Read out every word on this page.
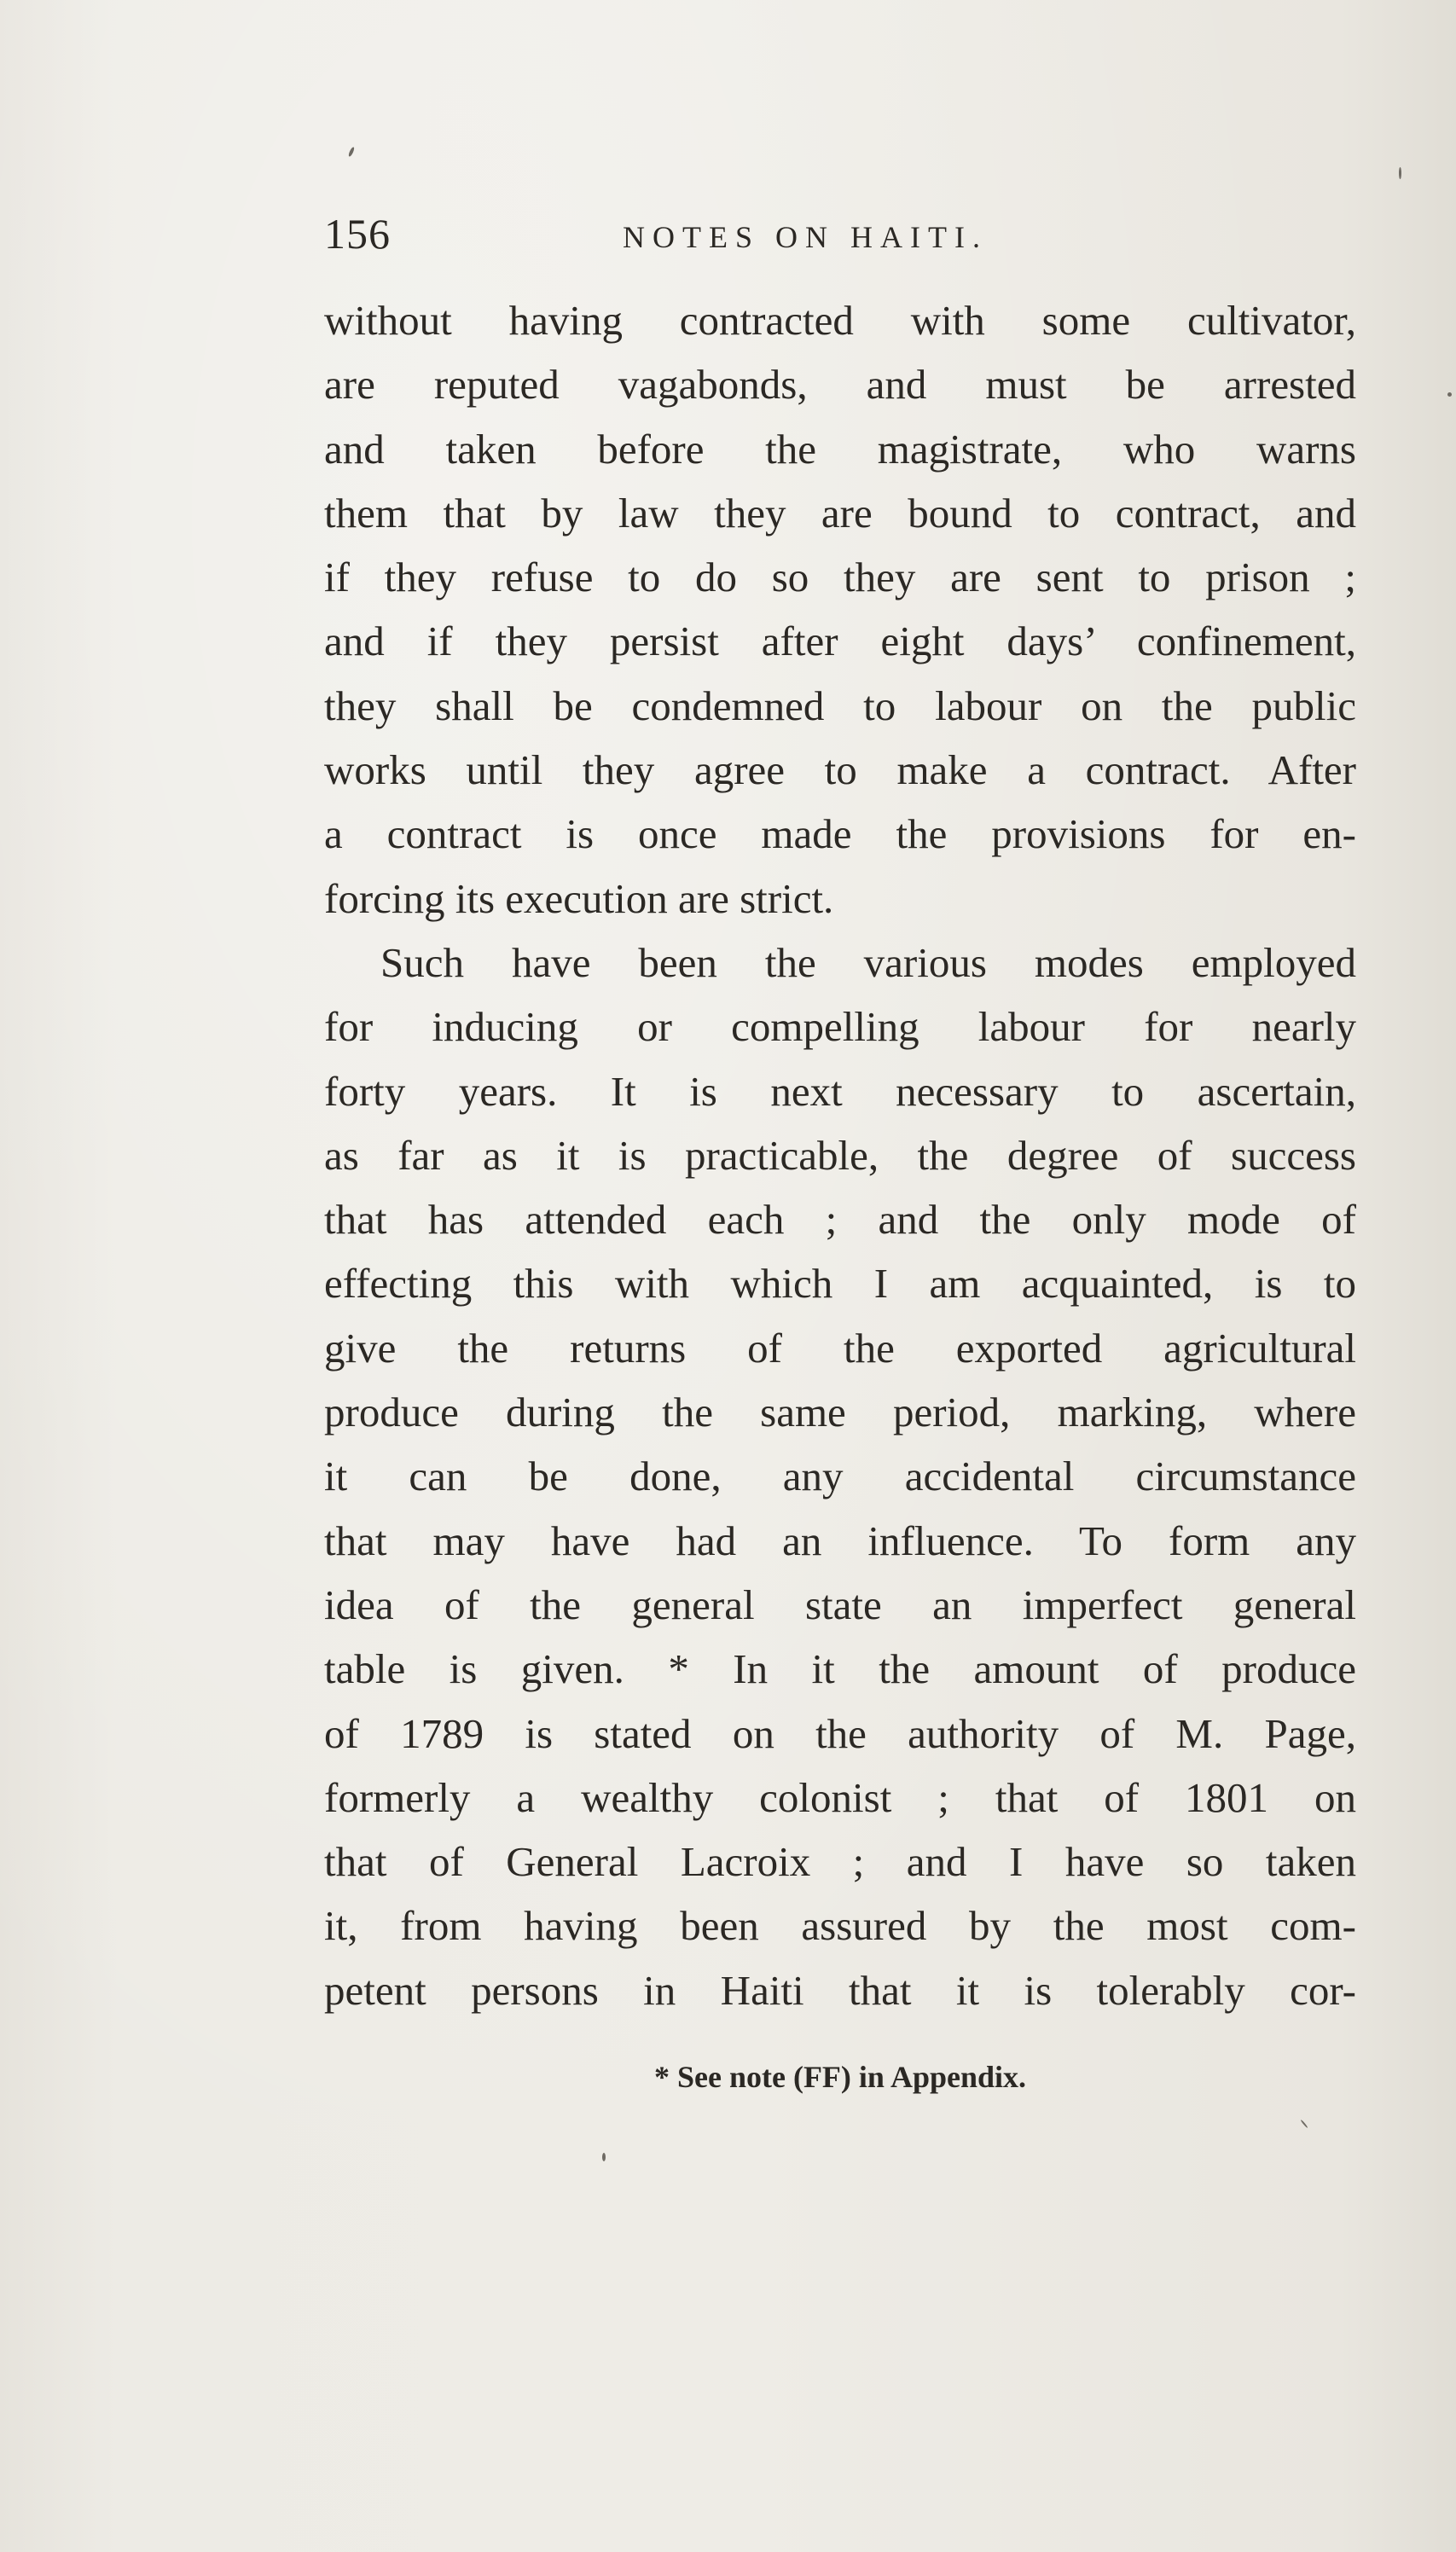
156	NOTES ON HAITI.
without having contracted with some cultivator,
are reputed vagabonds, and must be arrested
and taken before the magistrate, who warns
them that by law they are bound to contract, and
if they refuse to do so they are sent to prison ;
and if they persist after eight days’ confinement,
they shall be condemned to labour on the public
works until they agree to make a contract. After
a contract is once made the provisions for en-
forcing its execution are strict.
Such have been the various modes employed
for inducing or compelling labour for nearly
forty years. It is next necessary to ascertain,
as far as it is practicable, the degree of success
that has attended each ; and the only mode of
effecting this with which I am acquainted, is to
give the returns of the exported agricultural
produce during the same period, marking, where
it can be done, any accidental circumstance
that may have had an influence. To form any
idea of the general state an imperfect general
table is given. * In it the amount of produce
of 1789 is stated on the authority of M. Page,
formerly a wealthy colonist ; that of 1801 on
that of General Lacroix ; and I have so taken
it, from having been assured by the most com-
petent persons in Haiti that it is tolerably cor-
* See note (FF) in Appendix.
